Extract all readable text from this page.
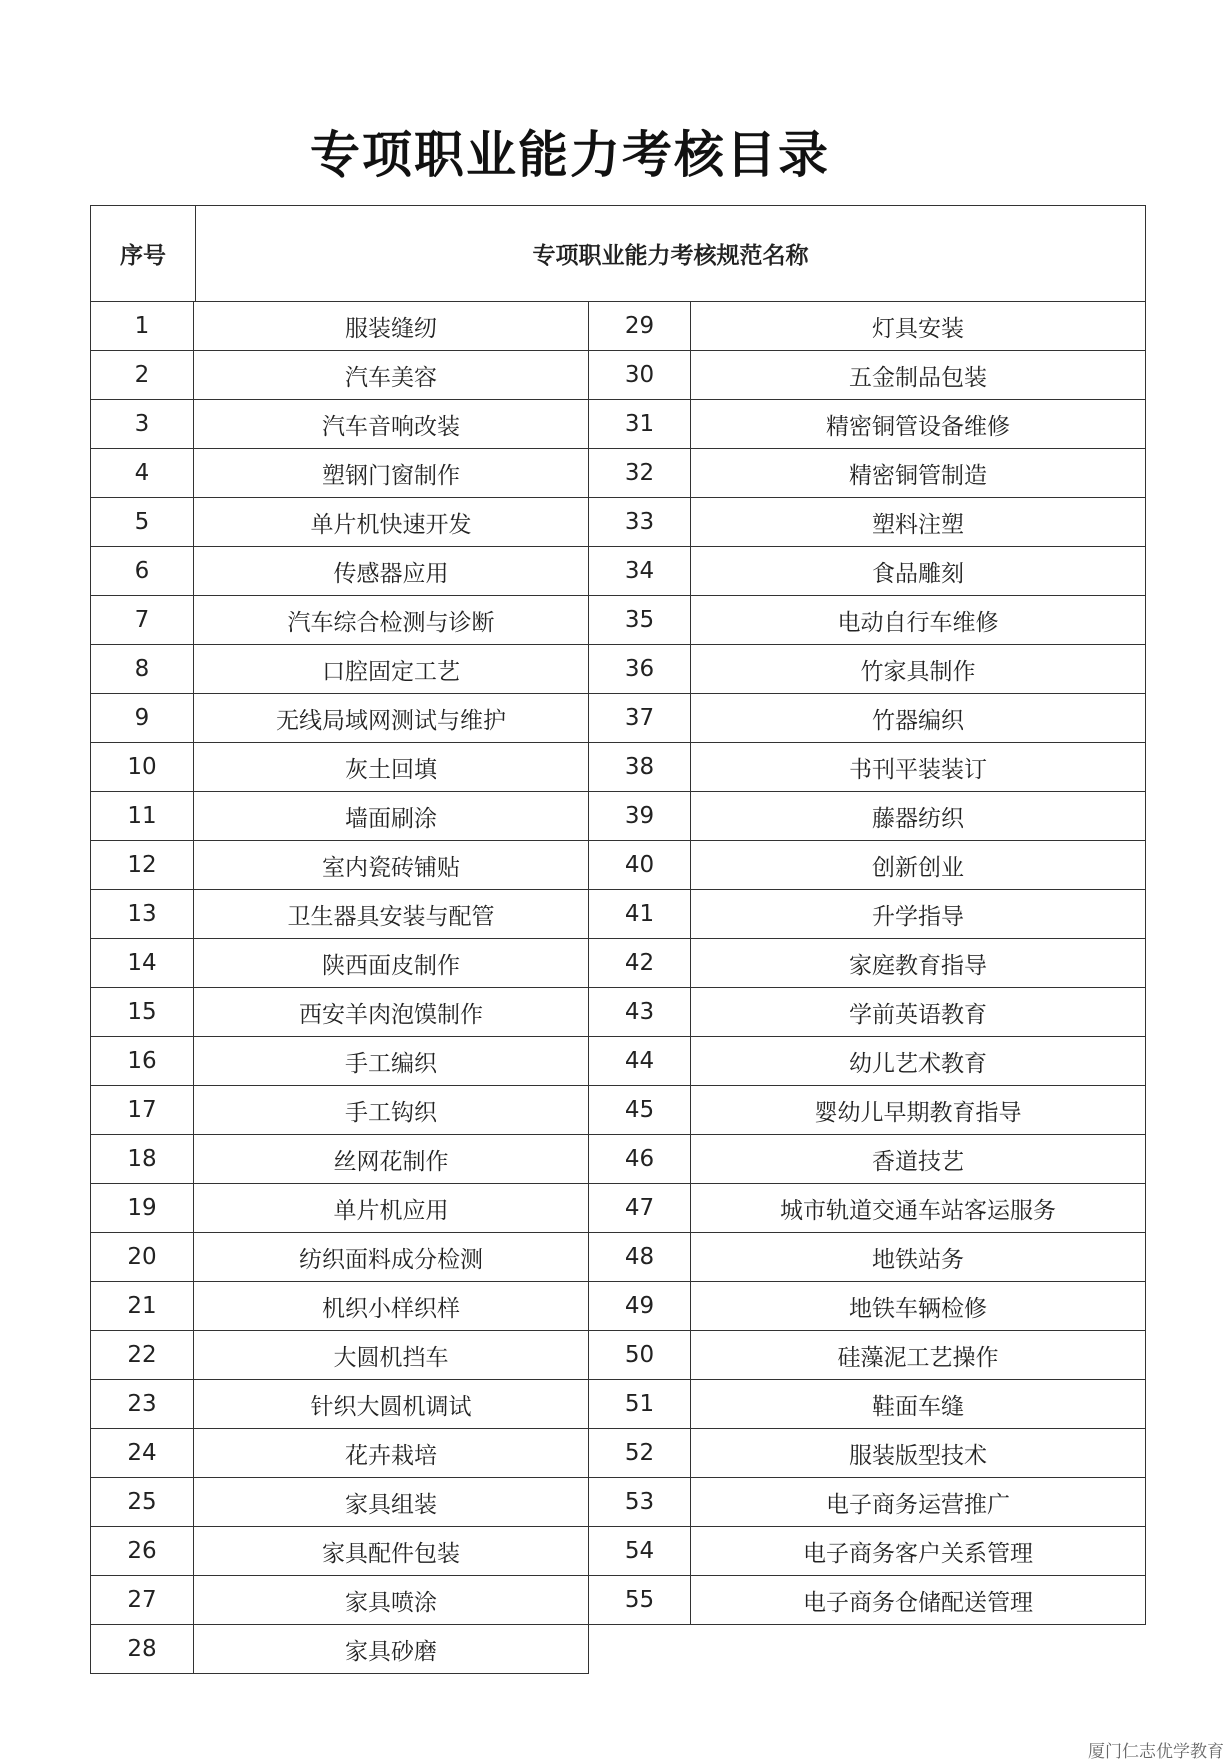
专项职业能力考核目录
序号	专项职业能力考核规范名称
1	服装缝纫	29	灯具安装
2	汽车美容	30	五金制品包装
3	汽车音响改装	31	精密铜管设备维修
4	塑钢门窗制作	32	精密铜管制造
5	单片机快速开发	33	塑料注塑
6	传感器应用	34	食品雕刻
7	汽车综合检测与诊断	35	电动自行车维修
8	口腔固定工艺	36	竹家具制作
9	无线局域网测试与维护	37	竹器编织
10	灰土回填	38	书刊平装装订
11	墙面刷涂	39	藤器纺织
12	室内瓷砖铺贴	40	创新创业
13	卫生器具安装与配管	41	升学指导
14	陕西面皮制作	42	家庭教育指导
15	西安羊肉泡馍制作	43	学前英语教育
16	手工编织	44	幼儿艺术教育
17	手工钩织	45	婴幼儿早期教育指导
18	丝网花制作	46	香道技艺
19	单片机应用	47	城市轨道交通车站客运服务
20	纺织面料成分检测	48	地铁站务
21	机织小样织样	49	地铁车辆检修
22	大圆机挡车	50	硅藻泥工艺操作
23	针织大圆机调试	51	鞋面车缝
24	花卉栽培	52	服装版型技术
25	家具组装	53	电子商务运营推广
26	家具配件包装	54	电子商务客户关系管理
27	家具喷涂	55	电子商务仓储配送管理
28	家具砂磨
厦门仁志优学教育
